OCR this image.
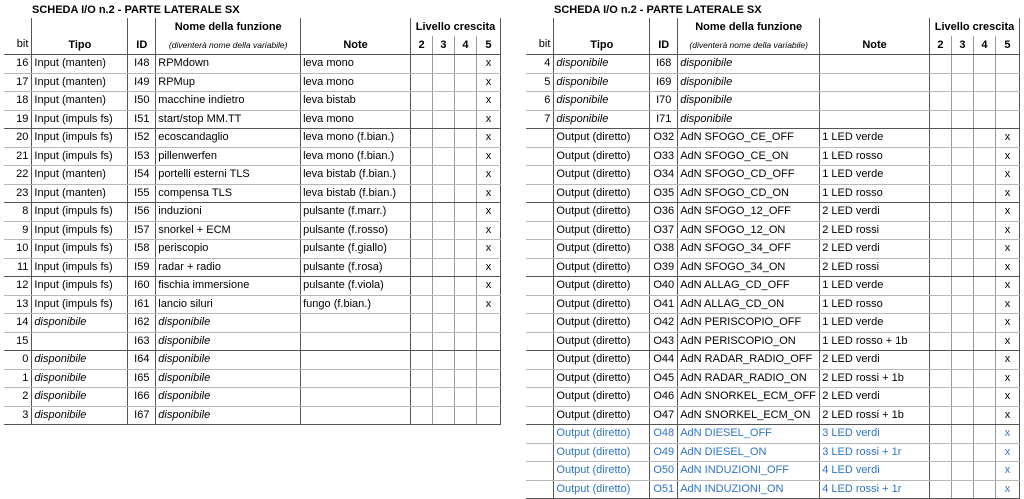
SCHEDA I/O n.2 - PARTE LATERALE SX
			Nome della funzione		Livello crescita			
bit	Tipo	ID	(diventerà nome della variabile)	Note	2	3	4	5
16	Input (manten)	I48	RPMdown	leva mono				x
17	Input (manten)	I49	RPMup	leva mono				x
18	Input (manten)	I50	macchine indietro	leva bistab				x
19	Input (impuls fs)	I51	start/stop MM.TT	leva mono				x
20	Input (impuls fs)	I52	ecoscandaglio	leva mono (f.bian.)				x
21	Input (impuls fs)	I53	pillenwerfen	leva mono (f.bian.)				x
22	Input (manten)	I54	portelli esterni TLS	leva bistab (f.bian.)				x
23	Input (manten)	I55	compensa TLS	leva bistab (f.bian.)				x
8	Input (impuls fs)	I56	induzioni	pulsante (f.marr.)				x
9	Input (impuls fs)	I57	snorkel + ECM	pulsante (f.rosso)				x
10	Input (impuls fs)	I58	periscopio	pulsante (f.giallo)				x
11	Input (impuls fs)	I59	radar + radio	pulsante (f.rosa)				x
12	Input (impuls fs)	I60	fischia immersione	pulsante (f.viola)				x
13	Input (impuls fs)	I61	lancio siluri	fungo (f.bian.)				x
14	disponibile	I62	disponibile					
15		I63	disponibile					
0	disponibile	I64	disponibile					
1	disponibile	I65	disponibile					
2	disponibile	I66	disponibile					
3	disponibile	I67	disponibile					
SCHEDA I/O n.2 - PARTE LATERALE SX
			Nome della funzione		Livello crescita			
bit	Tipo	ID	(diventerà nome della variabile)	Note	2	3	4	5
4	disponibile	I68	disponibile					
5	disponibile	I69	disponibile					
6	disponibile	I70	disponibile					
7	disponibile	I71	disponibile					
	Output (diretto)	O32	AdN SFOGO_CE_OFF	1 LED verde				x
	Output (diretto)	O33	AdN SFOGO_CE_ON	1 LED rosso				x
	Output (diretto)	O34	AdN SFOGO_CD_OFF	1 LED verde				x
	Output (diretto)	O35	AdN SFOGO_CD_ON	1 LED rosso				x
	Output (diretto)	O36	AdN SFOGO_12_OFF	2 LED verdi				x
	Output (diretto)	O37	AdN SFOGO_12_ON	2 LED rossi				x
	Output (diretto)	O38	AdN SFOGO_34_OFF	2 LED verdi				x
	Output (diretto)	O39	AdN SFOGO_34_ON	2 LED rossi				x
	Output (diretto)	O40	AdN ALLAG_CD_OFF	1 LED verde				x
	Output (diretto)	O41	AdN ALLAG_CD_ON	1 LED rosso				x
	Output (diretto)	O42	AdN PERISCOPIO_OFF	1 LED verde				x
	Output (diretto)	O43	AdN PERISCOPIO_ON	1 LED rosso + 1b				x
	Output (diretto)	O44	AdN RADAR_RADIO_OFF	2 LED verdi				x
	Output (diretto)	O45	AdN RADAR_RADIO_ON	2 LED rossi + 1b				x
	Output (diretto)	O46	AdN SNORKEL_ECM_OFF	2 LED verdi				x
	Output (diretto)	O47	AdN SNORKEL_ECM_ON	2 LED rossi + 1b				x
	Output (diretto)	O48	AdN DIESEL_OFF	3 LED verdi				x
	Output (diretto)	O49	AdN DIESEL_ON	3 LED rossi + 1r				x
	Output (diretto)	O50	AdN INDUZIONI_OFF	4 LED verdi				x
	Output (diretto)	O51	AdN INDUZIONI_ON	4 LED rossi + 1r				x
